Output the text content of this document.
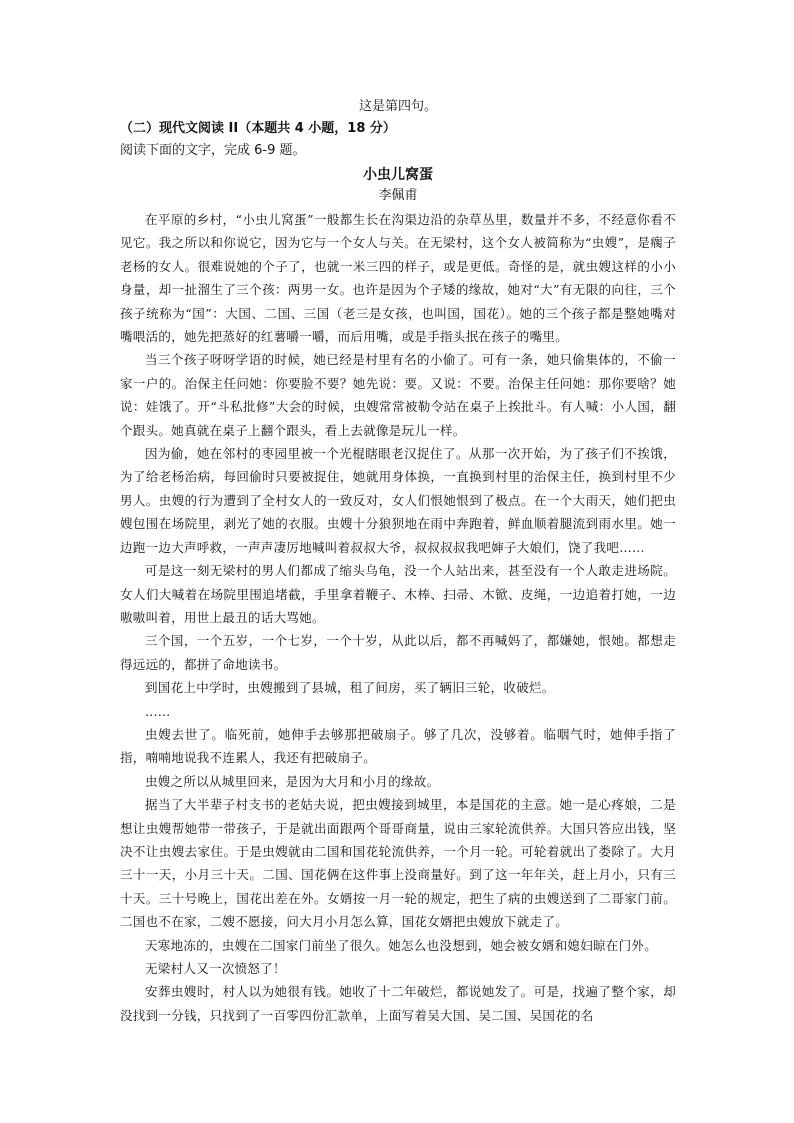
这是第四句。

（二）现代文阅读 II（本题共 4 小题，18 分）

阅读下面的文字，完成 6-9 题。

小虫儿窝蛋

李佩甫

在平原的乡村，“小虫儿窝蛋”一般都生长在沟渠边沿的杂草丛里，数量并不多，不经意你看不见它。我之所以和你说它，因为它与一个女人与关。在无梁村，这个女人被简称为“虫嫂”，是瘸子老杨的女人。很难说她的个子了，也就一米三四的样子，或是更低。奇怪的是，就虫嫂这样的小小身量，却一扯溜生了三个孩：两男一女。也许是因为个子矮的缘故，她对“大”有无限的向往，三个孩子统称为“国”：大国、二国、三国（老三是女孩，也叫国，国花）。她的三个孩子都是整她嘴对嘴喂活的，她先把蒸好的红薯嚼一嚼，而后用嘴，或是手指头抿在孩子的嘴里。

当三个孩子呀呀学语的时候，她已经是村里有名的小偷了。可有一条，她只偷集体的，不偷一家一户的。治保主任问她：你要脸不要？她先说：要。又说：不要。治保主任问她：那你要啥？她说：娃饿了。开“斗私批修”大会的时候，虫嫂常常被勒令站在桌子上挨批斗。有人喊：小人国，翻个跟头。她真就在桌子上翻个跟头，看上去就像是玩儿一样。

因为偷，她在邻村的枣园里被一个光棍瞎眼老汉捉住了。从那一次开始，为了孩子们不挨饿，为了给老杨治病，每回偷时只要被捉住，她就用身体换，一直换到村里的治保主任，换到村里不少男人。虫嫂的行为遭到了全村女人的一致反对，女人们恨她恨到了极点。在一个大雨天，她们把虫嫂包围在场院里，剥光了她的衣服。虫嫂十分狼狈地在雨中奔跑着，鲜血顺着腿流到雨水里。她一边跑一边大声呼救，一声声凄厉地喊叫着叔叔大爷，叔叔叔叔我吧婶子大娘们，饶了我吧……

可是这一刻无梁村的男人们都成了缩头乌龟，没一个人站出来，甚至没有一个人敢走进场院。女人们大喊着在场院里围追堵截，手里拿着鞭子、木棒、扫帚、木锨、皮绳，一边追着打她，一边嗷嗷叫着，用世上最丑的话大骂她。

三个国，一个五岁，一个七岁，一个十岁，从此以后，都不再喊妈了，都嫌她，恨她。都想走得远远的，都拼了命地读书。

到国花上中学时，虫嫂搬到了县城，租了间房，买了辆旧三轮，收破烂。

……

虫嫂去世了。临死前，她伸手去够那把破扇子。够了几次，没够着。临咽气时，她伸手指了指，喃喃地说我不连累人，我还有把破扇子。

虫嫂之所以从城里回来，是因为大月和小月的缘故。

据当了大半辈子村支书的老姑夫说，把虫嫂接到城里，本是国花的主意。她一是心疼娘，二是想让虫嫂帮她带一带孩子，于是就出面跟两个哥哥商量，说由三家轮流供养。大国只答应出钱，坚决不让虫嫂去家住。于是虫嫂就由二国和国花轮流供养，一个月一轮。可轮着就出了娄除了。大月三十一天，小月三十天。二国、国花俩在这件事上没商量好。到了这一年年关，赶上月小，只有三十天。三十号晚上，国花出差在外。女婿按一月一轮的规定，把生了病的虫嫂送到了二哥家门前。二国也不在家，二嫂不愿接，问大月小月怎么算，国花女婿把虫嫂放下就走了。

天寒地冻的，虫嫂在二国家门前坐了很久。她怎么也没想到，她会被女婿和媳妇晾在门外。

无梁村人又一次愤怒了！

安葬虫嫂时，村人以为她很有钱。她收了十二年破烂，都说她发了。可是，找遍了整个家，却没找到一分钱，只找到了一百零四份汇款单，上面写着吴大国、吴二国、吴国花的名
